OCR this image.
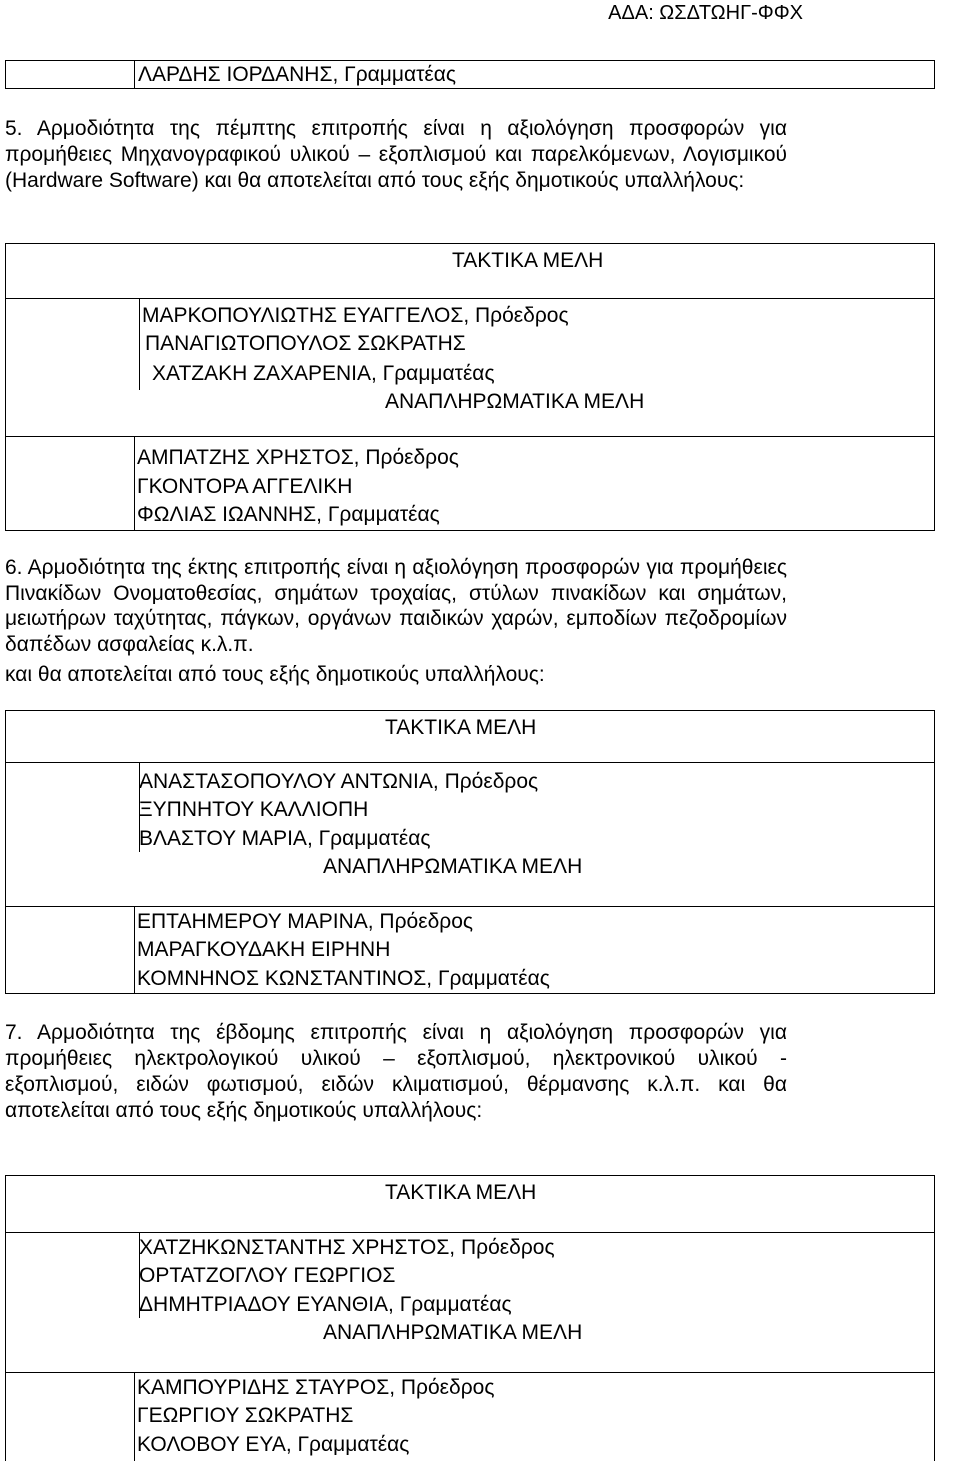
ΑΔΑ: ΩΣΔΤΩΗΓ-ΦΦΧ
ΛΑΡΔΗΣ ΙΟΡΔΑΝΗΣ, Γραμματέας
5. Αρμοδιότητα της πέμπτης επιτροπής είναι η αξιολόγηση προσφορών για προμήθειες Μηχανογραφικού υλικού – εξοπλισμού και παρελκόμενων, Λογισμικού (Hardware Software) και θα αποτελείται από τους εξής δημοτικούς υπαλλήλους:
ΤΑΚΤΙΚΑ ΜΕΛΗ
ΜΑΡΚΟΠΟΥΛΙΩΤΗΣ ΕΥΑΓΓΕΛΟΣ, Πρόεδρος
ΠΑΝΑΓΙΩΤΟΠΟΥΛΟΣ ΣΩΚΡΑΤΗΣ
ΧΑΤΖΑΚΗ ΖΑΧΑΡΕΝΙΑ, Γραμματέας
ΑΝΑΠΛΗΡΩΜΑΤΙΚΑ ΜΕΛΗ
ΑΜΠΑΤΖΗΣ ΧΡΗΣΤΟΣ, Πρόεδρος
ΓΚΟΝΤΟΡΑ ΑΓΓΕΛΙΚΗ
ΦΩΛΙΑΣ ΙΩΑΝΝΗΣ, Γραμματέας
6. Αρμοδιότητα της έκτης επιτροπής είναι η αξιολόγηση προσφορών για προμήθειες Πινακίδων Ονοματοθεσίας, σημάτων τροχαίας, στύλων πινακίδων και σημάτων, μειωτήρων ταχύτητας, πάγκων, οργάνων παιδικών χαρών, εμποδίων πεζοδρομίων δαπέδων ασφαλείας κ.λ.π.
και θα αποτελείται από τους εξής δημοτικούς υπαλλήλους:
ΤΑΚΤΙΚΑ ΜΕΛΗ
ΑΝΑΣΤΑΣΟΠΟΥΛΟΥ ΑΝΤΩΝΙΑ, Πρόεδρος
ΞΥΠΝΗΤΟΥ ΚΑΛΛΙΟΠΗ
ΒΛΑΣΤΟΥ ΜΑΡΙΑ, Γραμματέας
ΑΝΑΠΛΗΡΩΜΑΤΙΚΑ ΜΕΛΗ
ΕΠΤΑΗΜΕΡΟΥ ΜΑΡΙΝΑ, Πρόεδρος
ΜΑΡΑΓΚΟΥΔΑΚΗ ΕΙΡΗΝΗ
ΚΟΜΝΗΝΟΣ ΚΩΝΣΤΑΝΤΙΝΟΣ, Γραμματέας
7. Αρμοδιότητα της έβδομης επιτροπής είναι η αξιολόγηση προσφορών για προμήθειες ηλεκτρολογικού υλικού – εξοπλισμού, ηλεκτρονικού υλικού - εξοπλισμού, ειδών φωτισμού, ειδών κλιματισμού, θέρμανσης κ.λ.π. και θα αποτελείται από τους εξής δημοτικούς υπαλλήλους:
ΤΑΚΤΙΚΑ ΜΕΛΗ
ΧΑΤΖΗΚΩΝΣΤΑΝΤΗΣ ΧΡΗΣΤΟΣ, Πρόεδρος
ΟΡΤΑΤΖΟΓΛΟΥ ΓΕΩΡΓΙΟΣ
ΔΗΜΗΤΡΙΑΔΟΥ ΕΥΑΝΘΙΑ, Γραμματέας
ΑΝΑΠΛΗΡΩΜΑΤΙΚΑ ΜΕΛΗ
ΚΑΜΠΟΥΡΙΔΗΣ ΣΤΑΥΡΟΣ, Πρόεδρος
ΓΕΩΡΓΙΟΥ ΣΩΚΡΑΤΗΣ
ΚΟΛΟΒΟΥ ΕΥΑ, Γραμματέας
